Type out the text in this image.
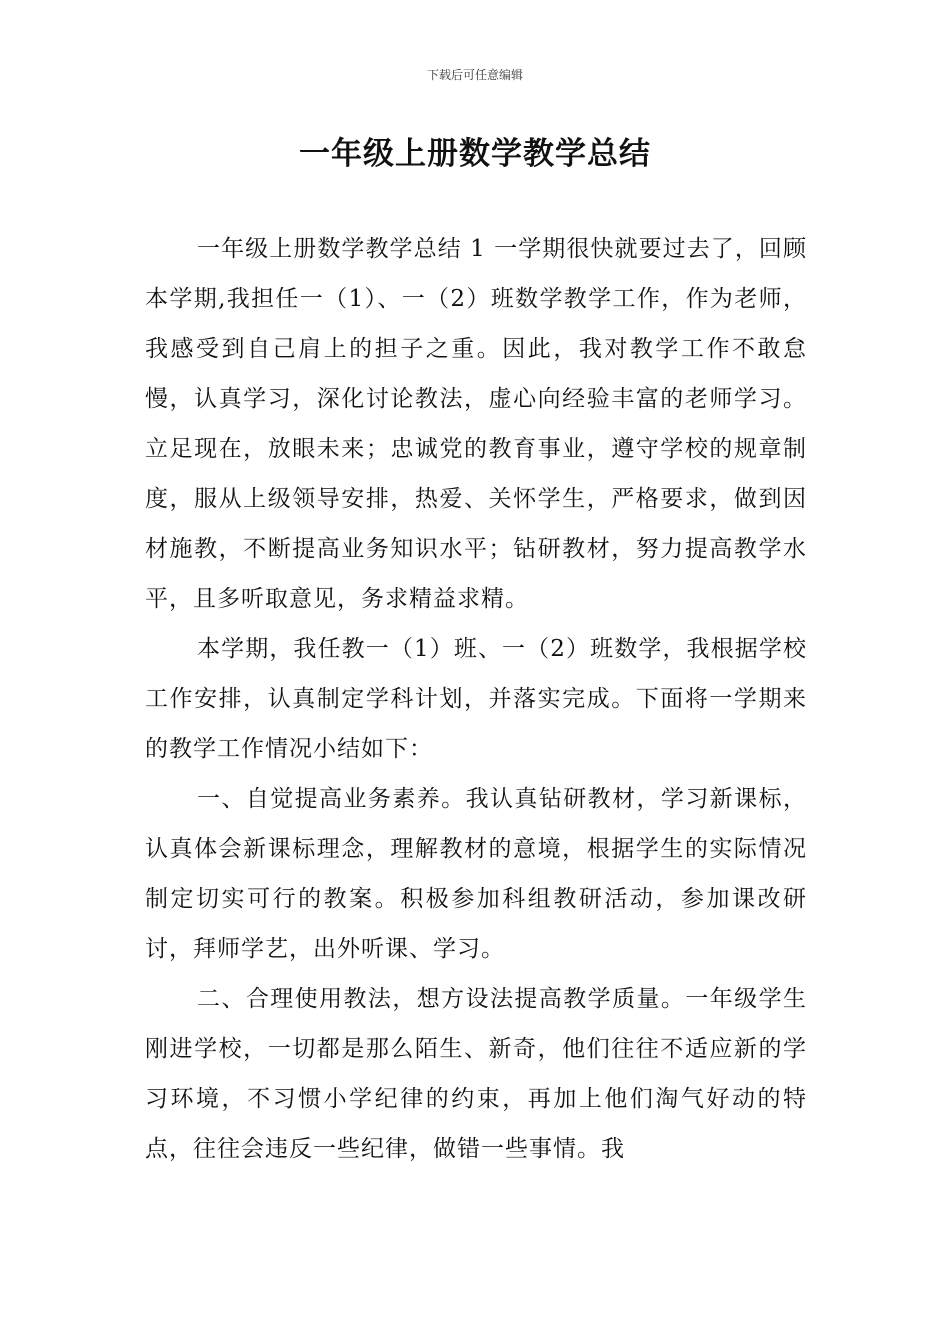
下载后可任意编辑
一年级上册数学教学总结

一年级上册数学教学总结 1 一学期很快就要过去了，回顾本学期,我担任一（1）、一（2）班数学教学工作，作为老师，我感受到自己肩上的担子之重。因此，我对教学工作不敢怠慢，认真学习，深化讨论教法，虚心向经验丰富的老师学习。立足现在，放眼未来；忠诚党的教育事业，遵守学校的规章制度，服从上级领导安排，热爱、关怀学生，严格要求，做到因材施教，不断提高业务知识水平；钻研教材，努力提高教学水平，且多听取意见，务求精益求精。

本学期，我任教一（1）班、一（2）班数学，我根据学校工作安排，认真制定学科计划，并落实完成。下面将一学期来的教学工作情况小结如下：

一、自觉提高业务素养。我认真钻研教材，学习新课标，认真体会新课标理念，理解教材的意境，根据学生的实际情况制定切实可行的教案。积极参加科组教研活动，参加课改研讨，拜师学艺，出外听课、学习。

二、合理使用教法，想方设法提高教学质量。一年级学生刚进学校，一切都是那么陌生、新奇，他们往往不适应新的学习环境，不习惯小学纪律的约束，再加上他们淘气好动的特点，往往会违反一些纪律，做错一些事情。我
